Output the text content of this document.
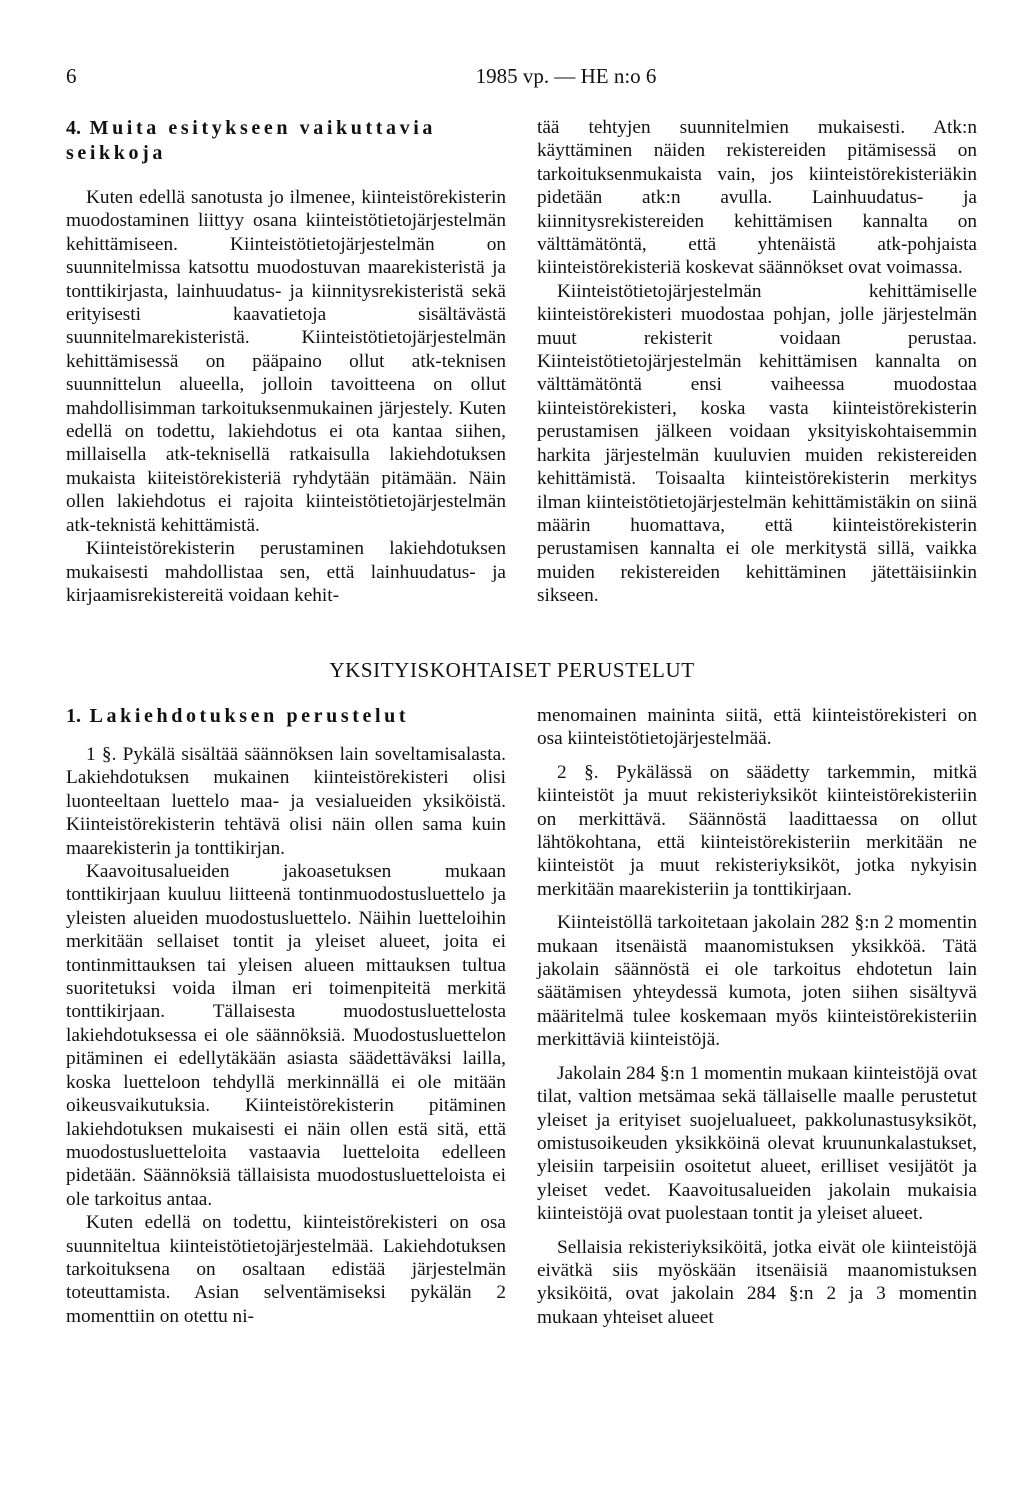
6	1985 vp. — HE n:o 6
4. Muita esitykseen vaikuttavia seikkoja

Kuten edellä sanotusta jo ilmenee, kiinteistörekisterin muodostaminen liittyy osana kiinteistötietojärjestelmän kehittämiseen. Kiinteistötietojärjestelmän on suunnitelmissa katsottu muodostuvan maarekisteristä ja tonttikirjasta, lainhuudatus- ja kiinnitysrekisteristä sekä erityisesti kaavatietoja sisältävästä suunnitelmarekisteristä. Kiinteistötietojärjestelmän kehittämisessä on pääpaino ollut atk-teknisen suunnittelun alueella, jolloin tavoitteena on ollut mahdollisimman tarkoituksenmukainen järjestely. Kuten edellä on todettu, lakiehdotus ei ota kantaa siihen, millaisella atk-teknisellä ratkaisulla lakiehdotuksen mukaista kiiteistörekisteriä ryhdytään pitämään. Näin ollen lakiehdotus ei rajoita kiinteistötietojärjestelmän atk-teknistä kehittämistä.

Kiinteistörekisterin perustaminen lakiehdotuksen mukaisesti mahdollistaa sen, että lainhuudatus- ja kirjaamisrekistereitä voidaan kehit-

tää tehtyjen suunnitelmien mukaisesti. Atk:n käyttäminen näiden rekistereiden pitämisessä on tarkoituksenmukaista vain, jos kiinteistörekisteriäkin pidetään atk:n avulla. Lainhuudatus- ja kiinnitysrekistereiden kehittämisen kannalta on välttämätöntä, että yhtenäistä atk-pohjaista kiinteistörekisteriä koskevat säännökset ovat voimassa.

Kiinteistötietojärjestelmän kehittämiselle kiinteistörekisteri muodostaa pohjan, jolle järjestelmän muut rekisterit voidaan perustaa. Kiinteistötietojärjestelmän kehittämisen kannalta on välttämätöntä ensi vaiheessa muodostaa kiinteistörekisteri, koska vasta kiinteistörekisterin perustamisen jälkeen voidaan yksityiskohtaisemmin harkita järjestelmän kuuluvien muiden rekistereiden kehittämistä. Toisaalta kiinteistörekisterin merkitys ilman kiinteistötietojärjestelmän kehittämistäkin on siinä määrin huomattava, että kiinteistörekisterin perustamisen kannalta ei ole merkitystä sillä, vaikka muiden rekistereiden kehittäminen jätettäisiinkin sikseen.

YKSITYISKOHTAISET PERUSTELUT
1. Lakiehdotuksen perustelut

1 §. Pykälä sisältää säännöksen lain soveltamisalasta. Lakiehdotuksen mukainen kiinteistörekisteri olisi luonteeltaan luettelo maa- ja vesialueiden yksiköistä. Kiinteistörekisterin tehtävä olisi näin ollen sama kuin maarekisterin ja tonttikirjan.

Kaavoitusalueiden jakoasetuksen mukaan tonttikirjaan kuuluu liitteenä tontinmuodostusluettelo ja yleisten alueiden muodostusluettelo. Näihin luetteloihin merkitään sellaiset tontit ja yleiset alueet, joita ei tontinmittauksen tai yleisen alueen mittauksen tultua suoritetuksi voida ilman eri toimenpiteitä merkitä tonttikirjaan. Tällaisesta muodostusluettelosta lakiehdotuksessa ei ole säännöksiä. Muodostusluettelon pitäminen ei edellytäkään asiasta säädettäväksi lailla, koska luetteloon tehdyllä merkinnällä ei ole mitään oikeusvaikutuksia. Kiinteistörekisterin pitäminen lakiehdotuksen mukaisesti ei näin ollen estä sitä, että muodostusluetteloita vastaavia luetteloita edelleen pidetään. Säännöksiä tällaisista muodostusluetteloista ei ole tarkoitus antaa.

Kuten edellä on todettu, kiinteistörekisteri on osa suunniteltua kiinteistötietojärjestelmää. Lakiehdotuksen tarkoituksena on osaltaan edistää järjestelmän toteuttamista. Asian selventämiseksi pykälän 2 momenttiin on otettu ni-

menomainen maininta siitä, että kiinteistörekisteri on osa kiinteistötietojärjestelmää.

2 §. Pykälässä on säädetty tarkemmin, mitkä kiinteistöt ja muut rekisteriyksiköt kiinteistörekisteriin on merkittävä. Säännöstä laadittaessa on ollut lähtökohtana, että kiinteistörekisteriin merkitään ne kiinteistöt ja muut rekisteriyksiköt, jotka nykyisin merkitään maarekisteriin ja tonttikirjaan.

Kiinteistöllä tarkoitetaan jakolain 282 §:n 2 momentin mukaan itsenäistä maanomistuksen yksikköä. Tätä jakolain säännöstä ei ole tarkoitus ehdotetun lain säätämisen yhteydessä kumota, joten siihen sisältyvä määritelmä tulee koskemaan myös kiinteistörekisteriin merkittäviä kiinteistöjä.

Jakolain 284 §:n 1 momentin mukaan kiinteistöjä ovat tilat, valtion metsämaa sekä tällaiselle maalle perustetut yleiset ja erityiset suojelualueet, pakkolunastusyksiköt, omistusoikeuden yksikköinä olevat kruununkalastukset, yleisiin tarpeisiin osoitetut alueet, erilliset vesijätöt ja yleiset vedet. Kaavoitusalueiden jakolain mukaisia kiinteistöjä ovat puolestaan tontit ja yleiset alueet.

Sellaisia rekisteriyksiköitä, jotka eivät ole kiinteistöjä eivätkä siis myöskään itsenäisiä maanomistuksen yksiköitä, ovat jakolain 284 §:n 2 ja 3 momentin mukaan yhteiset alueet
